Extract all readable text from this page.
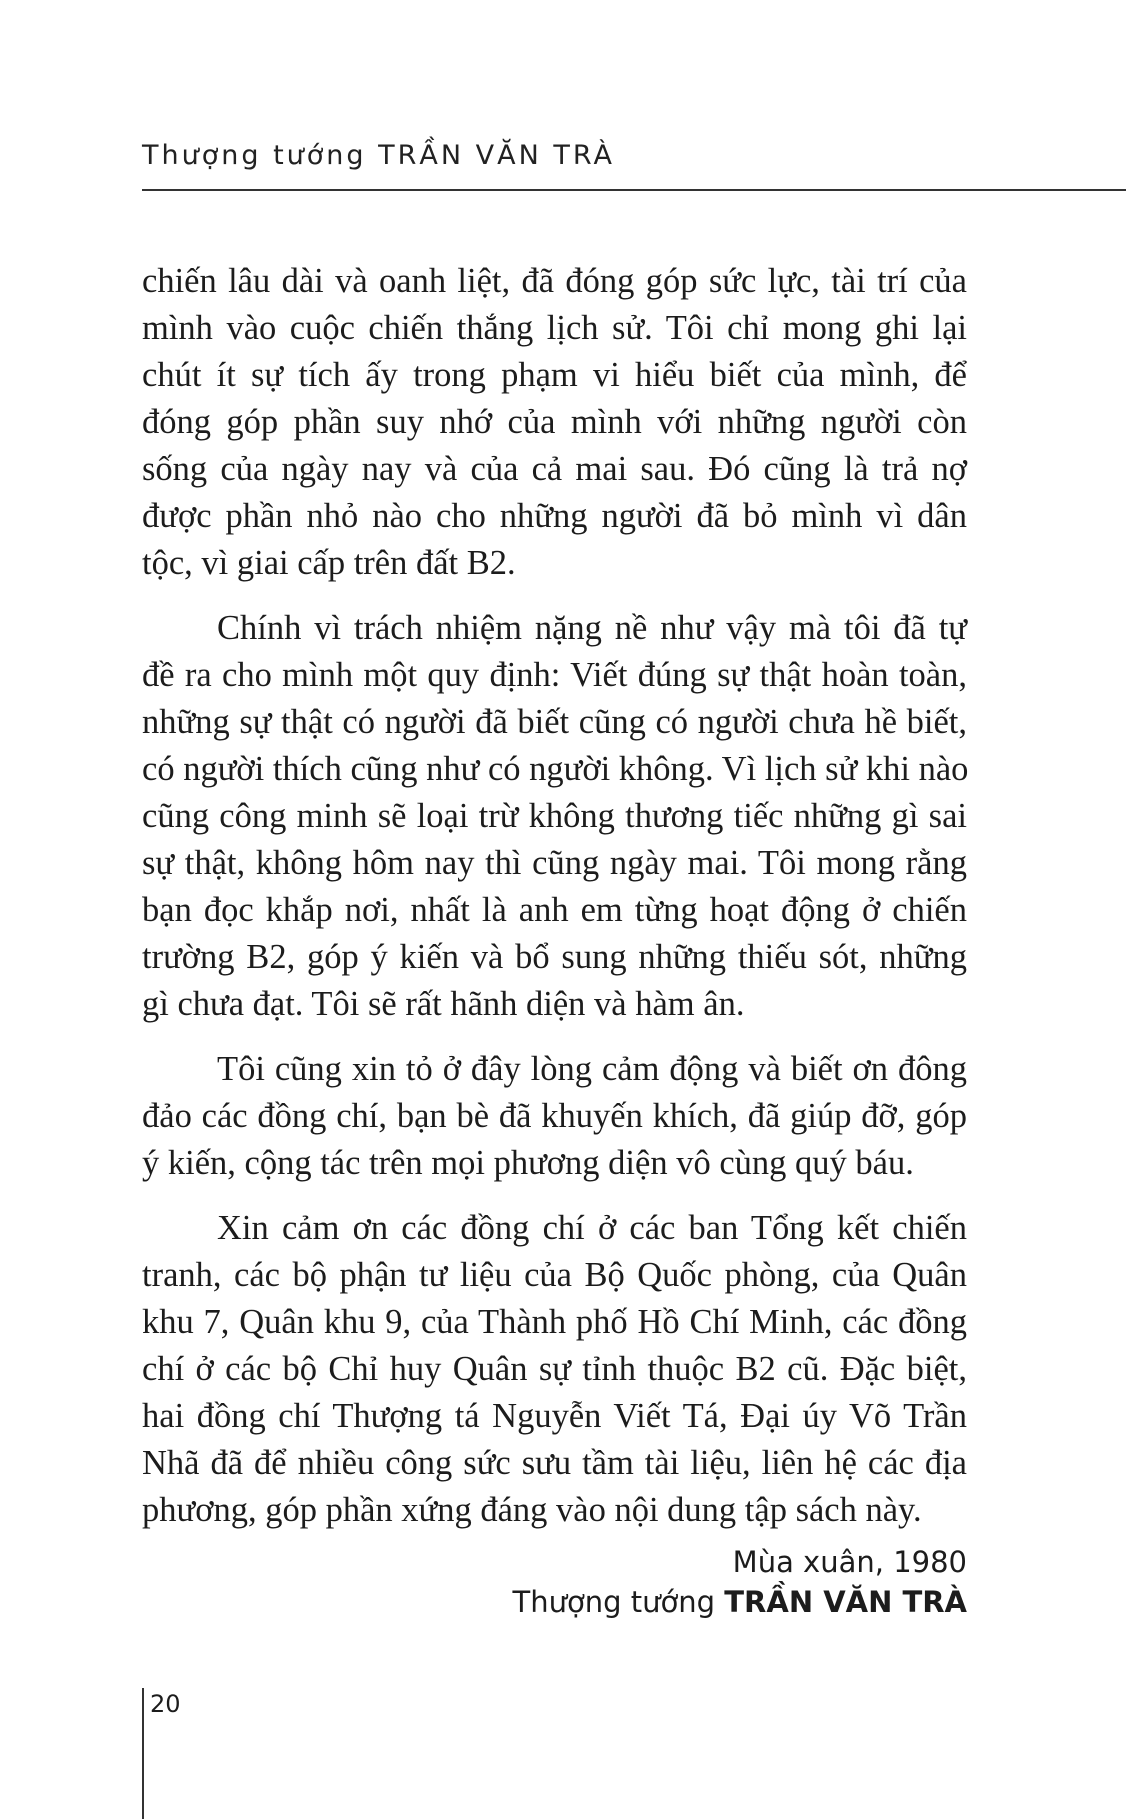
Thượng tướng TRẦN VĂN TRÀ
chiến lâu dài và oanh liệt, đã đóng góp sức lực, tài trí của
mình vào cuộc chiến thắng lịch sử. Tôi chỉ mong ghi lại
chút ít sự tích ấy trong phạm vi hiểu biết của mình, để
đóng góp phần suy nhớ của mình với những người còn
sống của ngày nay và của cả mai sau. Đó cũng là trả nợ
được phần nhỏ nào cho những người đã bỏ mình vì dân
tộc, vì giai cấp trên đất B2.
Chính vì trách nhiệm nặng nề như vậy mà tôi đã tự
đề ra cho mình một quy định: Viết đúng sự thật hoàn toàn,
những sự thật có người đã biết cũng có người chưa hề biết,
có người thích cũng như có người không. Vì lịch sử khi nào
cũng công minh sẽ loại trừ không thương tiếc những gì sai
sự thật, không hôm nay thì cũng ngày mai. Tôi mong rằng
bạn đọc khắp nơi, nhất là anh em từng hoạt động ở chiến
trường B2, góp ý kiến và bổ sung những thiếu sót, những
gì chưa đạt. Tôi sẽ rất hãnh diện và hàm ân.
Tôi cũng xin tỏ ở đây lòng cảm động và biết ơn đông
đảo các đồng chí, bạn bè đã khuyến khích, đã giúp đỡ, góp
ý kiến, cộng tác trên mọi phương diện vô cùng quý báu.
Xin cảm ơn các đồng chí ở các ban Tổng kết chiến
tranh, các bộ phận tư liệu của Bộ Quốc phòng, của Quân
khu 7, Quân khu 9, của Thành phố Hồ Chí Minh, các đồng
chí ở các bộ Chỉ huy Quân sự tỉnh thuộc B2 cũ. Đặc biệt,
hai đồng chí Thượng tá Nguyễn Viết Tá, Đại úy Võ Trần
Nhã đã để nhiều công sức sưu tầm tài liệu, liên hệ các địa
phương, góp phần xứng đáng vào nội dung tập sách này.
Mùa xuân, 1980
Thượng tướng TRẦN VĂN TRÀ
20
